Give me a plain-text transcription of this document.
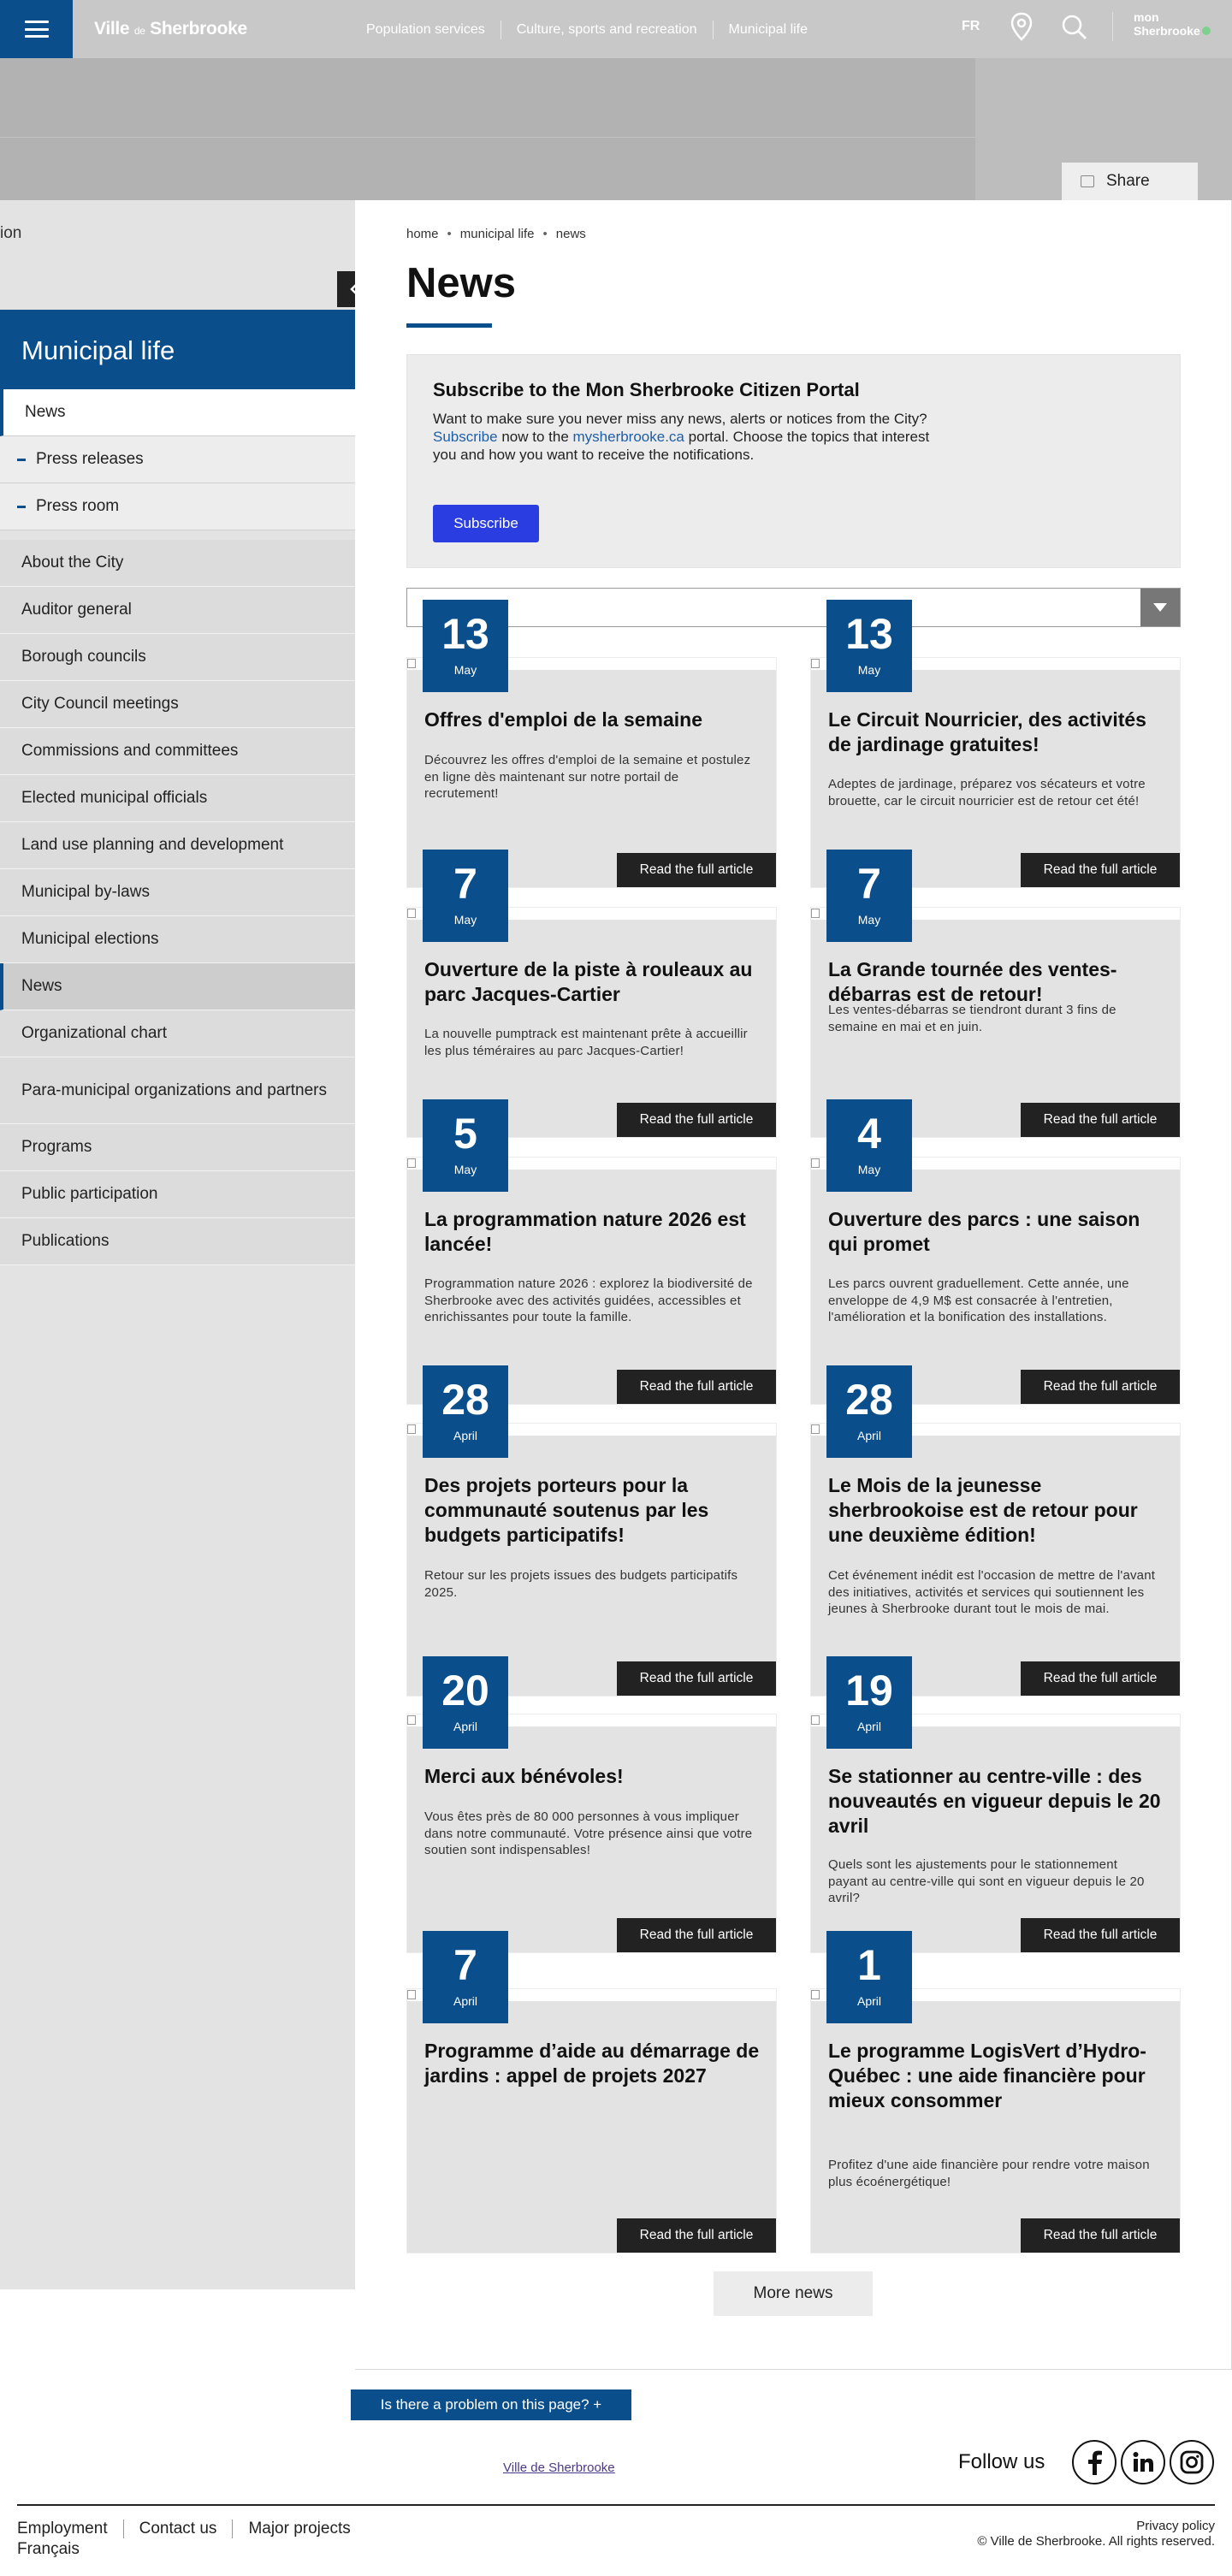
Ville de Sherbrooke	Population services	Culture, sports and recreation	Municipal life	FR
mon
Sherbrooke
Share
ion
Municipal life
News
Press releases
Press room
About the City
Auditor general
Borough councils
City Council meetings
Commissions and committees
Elected municipal officials
Land use planning and development
Municipal by-laws
Municipal elections
News
Organizational chart
Para-municipal organizations and partners
Programs
Public participation
Publications
home • municipal life • news
News
Subscribe to the Mon Sherbrooke Citizen Portal

Want to make sure you never miss any news, alerts or notices from the City? Subscribe now to the mysherbrooke.ca portal. Choose the topics that interest you and how you want to receive the notifications.

Subscribe
13
May
Offres d'emploi de la semaine

Découvrez les offres d'emploi de la semaine et postulez en ligne dès maintenant sur notre portail de recrutement!

Read the full article
13
May
Le Circuit Nourricier, des activités de jardinage gratuites!

Adeptes de jardinage, préparez vos sécateurs et votre brouette, car le circuit nourricier est de retour cet été!

Read the full article
7
May
Ouverture de la piste à rouleaux au parc Jacques-Cartier

La nouvelle pumptrack est maintenant prête à accueillir les plus téméraires au parc Jacques-Cartier!

Read the full article
7
May
La Grande tournée des ventes-débarras est de retour!

Les ventes-débarras se tiendront durant 3 fins de semaine en mai et en juin.

Read the full article
5
May
La programmation nature 2026 est lancée!

Programmation nature 2026 : explorez la biodiversité de Sherbrooke avec des activités guidées, accessibles et enrichissantes pour toute la famille.

Read the full article
4
May
Ouverture des parcs : une saison qui promet

Les parcs ouvrent graduellement. Cette année, une enveloppe de 4,9 M$ est consacrée à l'entretien, l'amélioration et la bonification des installations.

Read the full article
28
April
Des projets porteurs pour la communauté soutenus par les budgets participatifs!

Retour sur les projets issues des budgets participatifs 2025.

Read the full article
28
April
Le Mois de la jeunesse sherbrookoise est de retour pour une deuxième édition!

Cet événement inédit est l'occasion de mettre de l'avant des initiatives, activités et services qui soutiennent les jeunes à Sherbrooke durant tout le mois de mai.

Read the full article
20
April
Merci aux bénévoles!

Vous êtes près de 80 000 personnes à vous impliquer dans notre communauté. Votre présence ainsi que votre soutien sont indispensables!

Read the full article
19
April
Se stationner au centre-ville : des nouveautés en vigueur depuis le 20 avril

Quels sont les ajustements pour le stationnement payant au centre-ville qui sont en vigueur depuis le 20 avril?

Read the full article
7
April
Programme d’aide au démarrage de jardins : appel de projets 2027
Read the full article
1
April
Le programme LogisVert d’Hydro-Québec : une aide financière pour mieux consommer

Profitez d'une aide financière pour rendre votre maison plus écoénergétique!

Read the full article
More news
Is there a problem on this page? +
Ville de Sherbrooke	Follow us
Employment	Contact us	Major projects
Français
Privacy policy
© Ville de Sherbrooke. All rights reserved.
